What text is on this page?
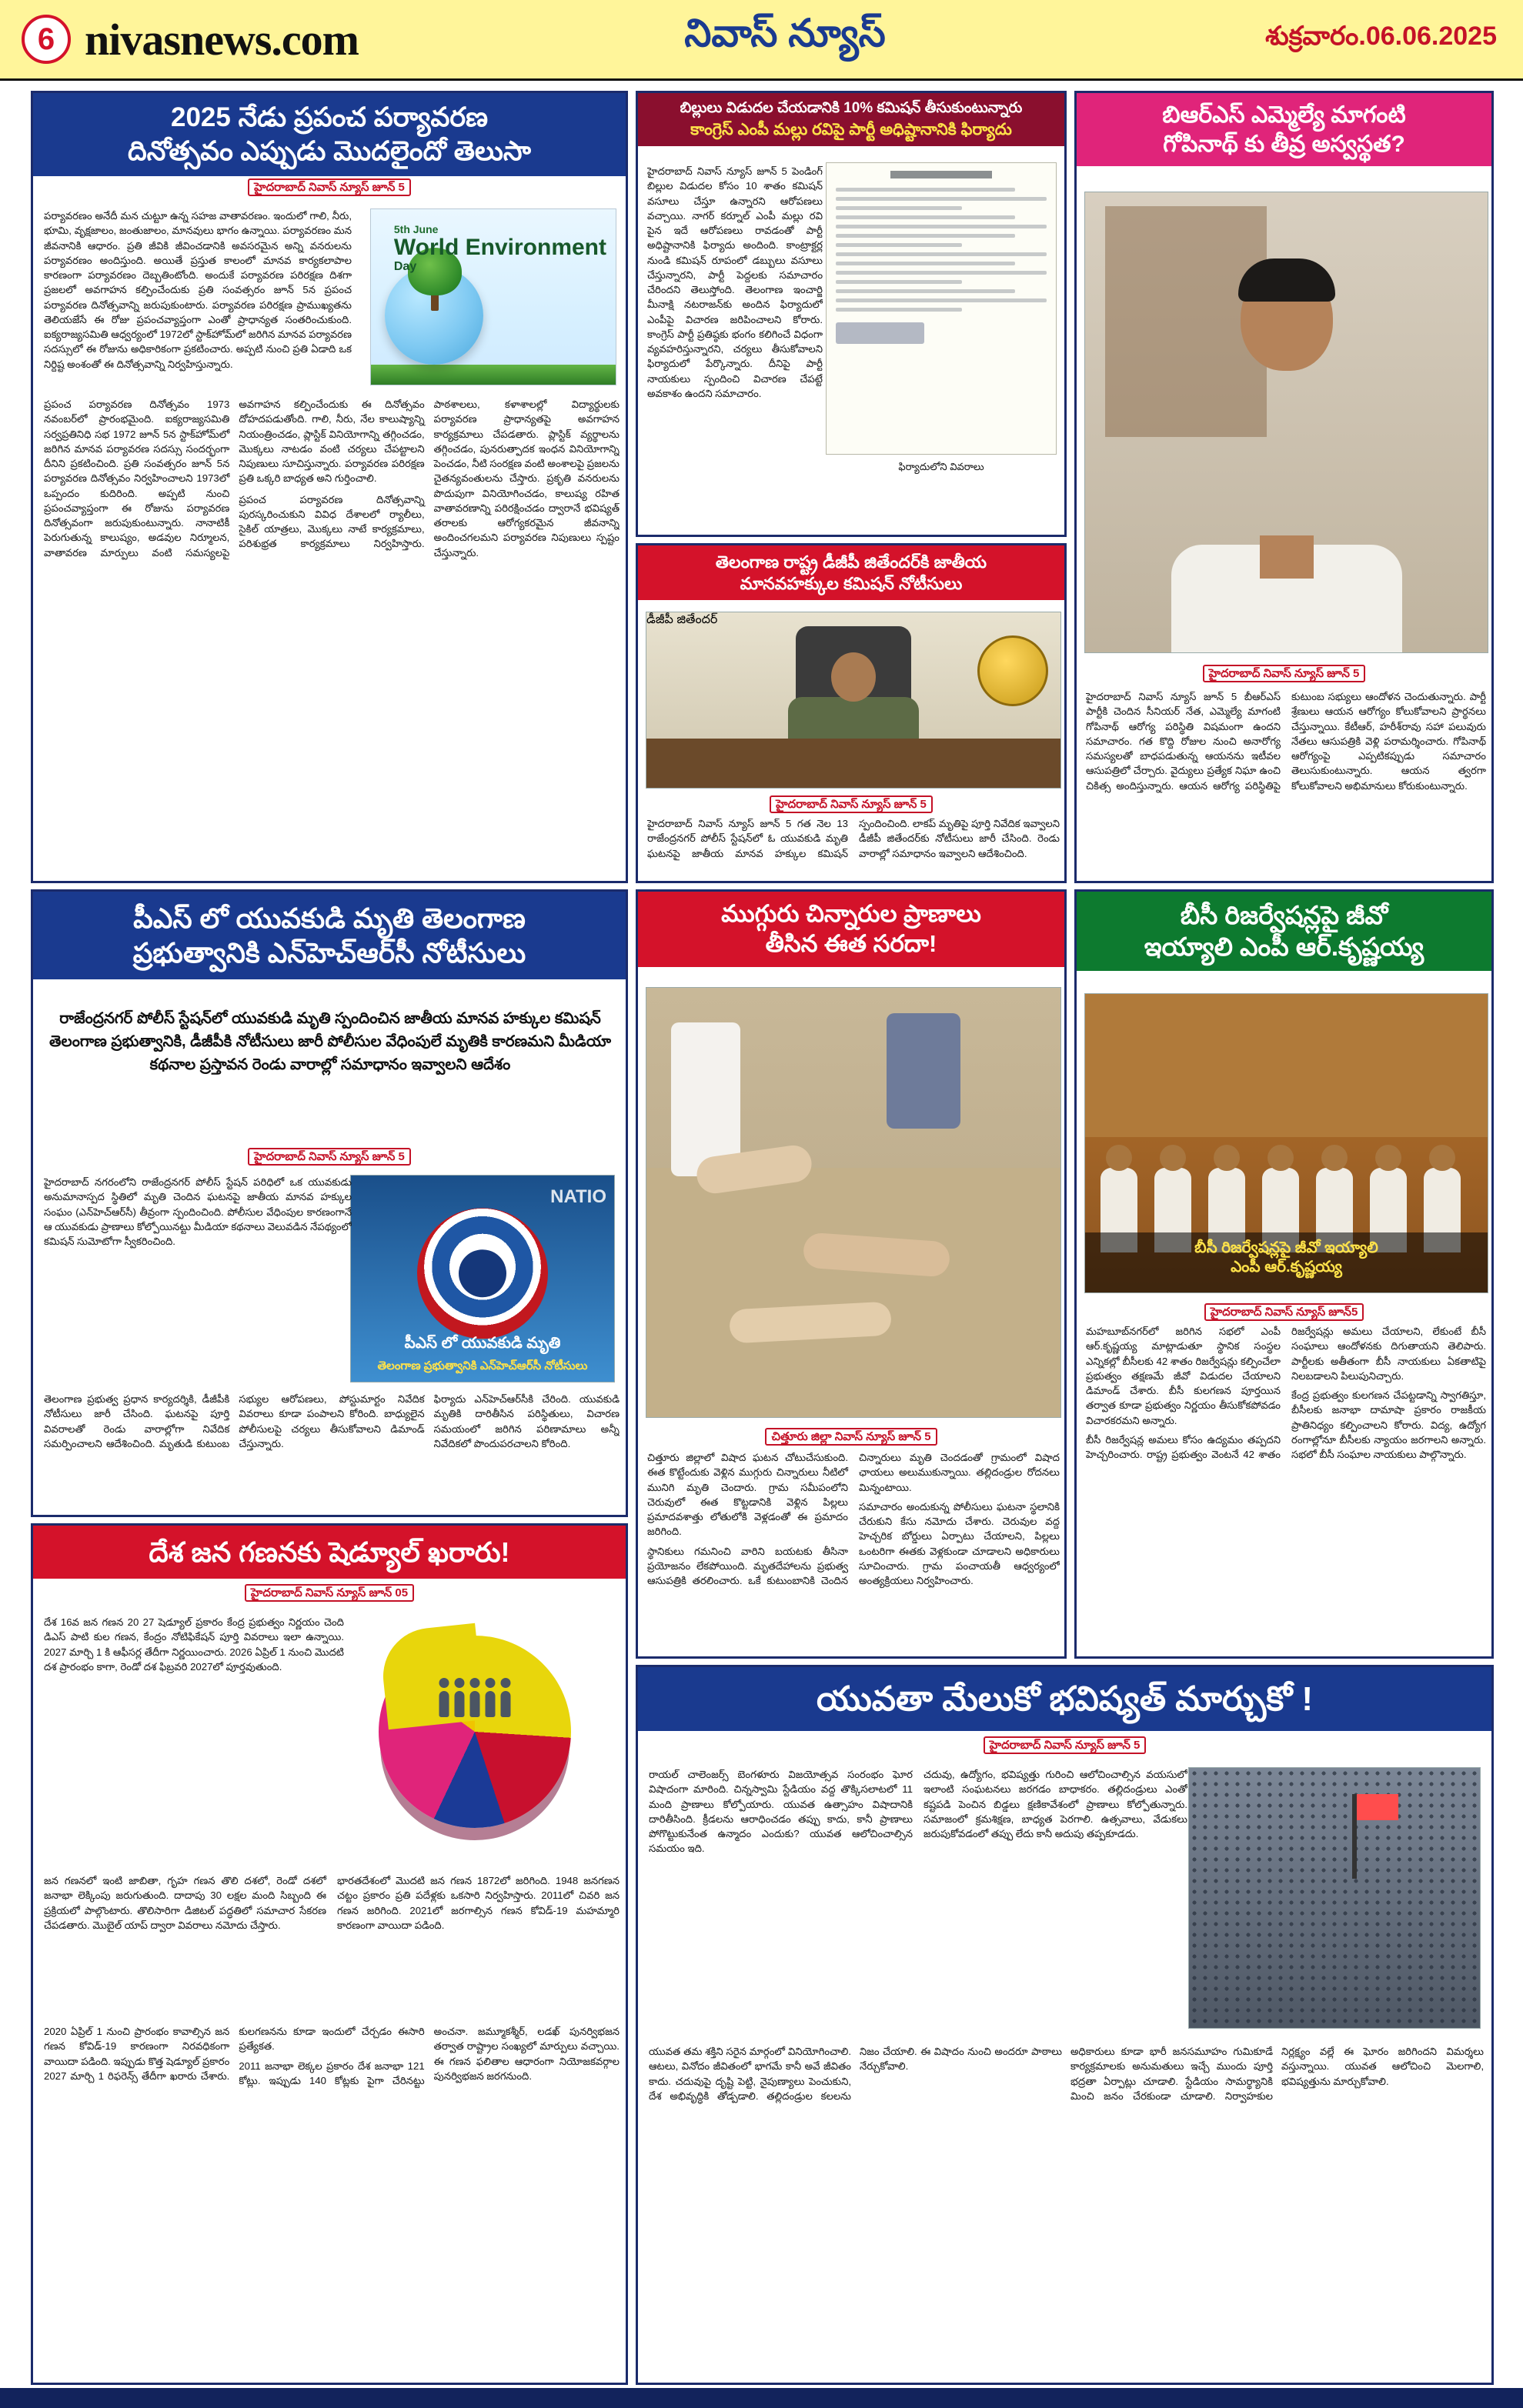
6 nivasnews.com	నివాస్ న్యూస్	శుక్రవారం.06.06.2025
2025 నేడు ప్రపంచ పర్యావరణ
దినోత్సవం ఎప్పుడు మొదలైందో తెలుసా
హైదరాబాద్ నివాస్ న్యూస్ జూన్ 5
5th June
World Environment
Day
పర్యావరణం అనేదీ మన చుట్టూ ఉన్న సహజ వాతావరణం. ఇందులో గాలి, నీరు, భూమి, వృక్షజాలం, జంతుజాలం, మానవులు భాగం ఉన్నాయి. పర్యావరణం మన జీవనానికి ఆధారం. ప్రతి జీవికి జీవించడానికి అవసరమైన అన్ని వనరులను పర్యావరణం అందిస్తుంది. అయితే ప్రస్తుత కాలంలో మానవ కార్యకలాపాల కారణంగా పర్యావరణం దెబ్బతింటోంది. అందుకే పర్యావరణ పరిరక్షణ దిశగా ప్రజలలో అవగాహన కల్పించేందుకు ప్రతి సంవత్సరం జూన్ 5న ప్రపంచ పర్యావరణ దినోత్సవాన్ని జరుపుకుంటారు. పర్యావరణ పరిరక్షణ ప్రాముఖ్యతను తెలియజేసే ఈ రోజు ప్రపంచవ్యాప్తంగా ఎంతో ప్రాధాన్యత సంతరించుకుంది. ఐక్యరాజ్యసమితి ఆధ్వర్యంలో 1972లో స్టాక్‌హోమ్‌లో జరిగిన మానవ పర్యావరణ సదస్సులో ఈ రోజును అధికారికంగా ప్రకటించారు. అప్పటి నుంచి ప్రతి ఏడాది ఒక నిర్దిష్ట అంశంతో ఈ దినోత్సవాన్ని నిర్వహిస్తున్నారు.
ప్రపంచ పర్యావరణ దినోత్సవం 1973 నవంబర్‌లో ప్రారంభమైంది. ఐక్యరాజ్యసమితి సర్వప్రతినిధి సభ 1972 జూన్ 5న స్టాక్‌హోమ్‌లో జరిగిన మానవ పర్యావరణ సదస్సు సందర్భంగా దీనిని ప్రకటించింది. ప్రతి సంవత్సరం జూన్ 5న పర్యావరణ దినోత్సవం నిర్వహించాలని 1973లో ఒప్పందం కుదిరింది. అప్పటి నుంచి ప్రపంచవ్యాప్తంగా ఈ రోజును పర్యావరణ దినోత్సవంగా జరుపుకుంటున్నారు. నానాటికీ పెరుగుతున్న కాలుష్యం, అడవుల నిర్మూలన, వాతావరణ మార్పులు వంటి సమస్యలపై అవగాహన కల్పించేందుకు ఈ దినోత్సవం దోహదపడుతోంది. గాలి, నీరు, నేల కాలుష్యాన్ని నియంత్రించడం, ప్లాస్టిక్ వినియోగాన్ని తగ్గించడం, మొక్కలు నాటడం వంటి చర్యలు చేపట్టాలని నిపుణులు సూచిస్తున్నారు. పర్యావరణ పరిరక్షణ ప్రతి ఒక్కరి బాధ్యత అని గుర్తించాలి.
ప్రపంచ పర్యావరణ దినోత్సవాన్ని పురస్కరించుకుని వివిధ దేశాలలో ర్యాలీలు, సైకిల్ యాత్రలు, మొక్కలు నాటే కార్యక్రమాలు, పరిశుభ్రత కార్యక్రమాలు నిర్వహిస్తారు. పాఠశాలలు, కళాశాలల్లో విద్యార్థులకు పర్యావరణ ప్రాధాన్యతపై అవగాహన కార్యక్రమాలు చేపడతారు. ప్లాస్టిక్ వ్యర్థాలను తగ్గించడం, పునరుత్పాదక ఇంధన వినియోగాన్ని పెంచడం, నీటి సంరక్షణ వంటి అంశాలపై ప్రజలను చైతన్యవంతులను చేస్తారు. ప్రకృతి వనరులను పొదుపుగా వినియోగించడం, కాలుష్య రహిత వాతావరణాన్ని పరిరక్షించడం ద్వారానే భవిష్యత్ తరాలకు ఆరోగ్యకరమైన జీవనాన్ని అందించగలమని పర్యావరణ నిపుణులు స్పష్టం చేస్తున్నారు.
బిల్లులు విడుదల చేయడానికి 10% కమిషన్ తీసుకుంటున్నారు
కాంగ్రెస్ ఎంపీ మల్లు రవిపై పార్టీ అధిష్టానానికి ఫిర్యాదు
హైదరాబాద్ నివాస్ న్యూస్ జూన్ 5 పెండింగ్ బిల్లుల విడుదల కోసం 10 శాతం కమిషన్ వసూలు చేస్తూ ఉన్నారని ఆరోపణలు వచ్చాయి. నాగర్ కర్నూల్ ఎంపీ మల్లు రవి పైన ఇదే ఆరోపణలు రావడంతో పార్టీ అధిష్టానానికి ఫిర్యాదు అందింది. కాంట్రాక్టర్ల నుండి కమిషన్ రూపంలో డబ్బులు వసూలు చేస్తున్నారని, పార్టీ పెద్దలకు సమాచారం చేరిందని తెలుస్తోంది. తెలంగాణ ఇంచార్జి మీనాక్షి నటరాజన్‌కు అందిన ఫిర్యాదులో ఎంపీపై విచారణ జరిపించాలని కోరారు. కాంగ్రెస్ పార్టీ ప్రతిష్ఠకు భంగం కలిగించే విధంగా వ్యవహరిస్తున్నారని, చర్యలు తీసుకోవాలని ఫిర్యాదులో పేర్కొన్నారు. దీనిపై పార్టీ నాయకులు స్పందించి విచారణ చేపట్టే అవకాశం ఉందని సమాచారం.
ఫిర్యాదులోని వివరాలు
బిఆర్ఎస్ ఎమ్మెల్యే మాగంటి
గోపినాథ్ కు తీవ్ర అస్వస్థత?
హైదరాబాద్ నివాస్ న్యూస్ జూన్ 5
హైదరాబాద్ నివాస్ న్యూస్ జూన్ 5 బీఆర్ఎస్ పార్టీకి చెందిన సీనియర్ నేత, ఎమ్మెల్యే మాగంటి గోపినాథ్ ఆరోగ్య పరిస్థితి విషమంగా ఉందని సమాచారం. గత కొద్ది రోజుల నుంచి అనారోగ్య సమస్యలతో బాధపడుతున్న ఆయనను ఇటీవల ఆసుపత్రిలో చేర్చారు. వైద్యులు ప్రత్యేక నిఘా ఉంచి చికిత్స అందిస్తున్నారు. ఆయన ఆరోగ్య పరిస్థితిపై కుటుంబ సభ్యులు ఆందోళన చెందుతున్నారు. పార్టీ శ్రేణులు ఆయన ఆరోగ్యం కోలుకోవాలని ప్రార్థనలు చేస్తున్నాయి. కేటీఆర్, హరీశ్‌రావు సహా పలువురు నేతలు ఆసుపత్రికి వెళ్లి పరామర్శించారు. గోపినాథ్ ఆరోగ్యంపై ఎప్పటికప్పుడు సమాచారం తెలుసుకుంటున్నారు. ఆయన త్వరగా కోలుకోవాలని అభిమానులు కోరుకుంటున్నారు.
తెలంగాణ రాష్ట్ర డీజీపీ జితేందర్‌కి జాతీయ
మానవహక్కుల కమిషన్ నోటీసులు
డీజీపీ జితేందర్
హైదరాబాద్ నివాస్ న్యూస్ జూన్ 5
హైదరాబాద్ నివాస్ న్యూస్ జూన్ 5 గత నెల 13 రాజేంద్రనగర్ పోలీస్ స్టేషన్‌లో ఓ యువకుడి మృతి ఘటనపై జాతీయ మానవ హక్కుల కమిషన్ స్పందించింది. లాకప్ మృతిపై పూర్తి నివేదిక ఇవ్వాలని డీజీపీ జితేందర్‌కు నోటీసులు జారీ చేసింది. రెండు వారాల్లో సమాధానం ఇవ్వాలని ఆదేశించింది.
పీఎస్ లో యువకుడి మృతి తెలంగాణ
ప్రభుత్వానికి ఎన్‌హెచ్‌ఆర్‌సీ నోటీసులు
రాజేంద్రనగర్ పోలీస్ స్టేషన్‌లో యువకుడి మృతి స్పందించిన జాతీయ మానవ హక్కుల కమిషన్ తెలంగాణ ప్రభుత్వానికి, డీజీపీకి నోటీసులు జారీ పోలీసుల వేధింపులే మృతికి కారణమని మీడియా కథనాల ప్రస్తావన రెండు వారాల్లో సమాధానం ఇవ్వాలని ఆదేశం
హైదరాబాద్ నివాస్ న్యూస్ జూన్ 5
NATIO
పీఎస్ లో యువకుడి మృతి
తెలంగాణ ప్రభుత్వానికి ఎన్‌హెచ్‌ఆర్‌సీ నోటీసులు
హైదరాబాద్ నగరంలోని రాజేంద్రనగర్ పోలీస్ స్టేషన్ పరిధిలో ఒక యువకుడు అనుమానాస్పద స్థితిలో మృతి చెందిన ఘటనపై జాతీయ మానవ హక్కుల సంఘం (ఎన్‌హెచ్‌ఆర్‌సీ) తీవ్రంగా స్పందించింది. పోలీసుల వేధింపుల కారణంగానే ఆ యువకుడు ప్రాణాలు కోల్పోయినట్టు మీడియా కథనాలు వెలువడిన నేపథ్యంలో కమిషన్ సుమోటోగా స్వీకరించింది.
తెలంగాణ ప్రభుత్వ ప్రధాన కార్యదర్శికి, డీజీపీకి నోటీసులు జారీ చేసింది. ఘటనపై పూర్తి వివరాలతో రెండు వారాల్లోగా నివేదిక సమర్పించాలని ఆదేశించింది. మృతుడి కుటుంబ సభ్యుల ఆరోపణలు, పోస్టుమార్టం నివేదిక వివరాలు కూడా పంపాలని కోరింది. బాధ్యులైన పోలీసులపై చర్యలు తీసుకోవాలని డిమాండ్ చేస్తున్నారు.
ఫిర్యాదు ఎన్‌హెచ్‌ఆర్‌సీకి చేరింది. యువకుడి మృతికి దారితీసిన పరిస్థితులు, విచారణ సమయంలో జరిగిన పరిణామాలు అన్నీ నివేదికలో పొందుపరచాలని కోరింది.
ముగ్గురు చిన్నారుల ప్రాణాలు
తీసిన ఈత సరదా!
చిత్తూరు జిల్లా నివాస్ న్యూస్ జూన్ 5
చిత్తూరు జిల్లాలో విషాద ఘటన చోటుచేసుకుంది. ఈత కొట్టేందుకు వెళ్లిన ముగ్గురు చిన్నారులు నీటిలో మునిగి మృతి చెందారు. గ్రామ సమీపంలోని చెరువులో ఈత కొట్టడానికి వెళ్లిన పిల్లలు ప్రమాదవశాత్తు లోతులోకి వెళ్లడంతో ఈ ప్రమాదం జరిగింది.
స్థానికులు గమనించి వారిని బయటకు తీసినా ప్రయోజనం లేకపోయింది. మృతదేహాలను ప్రభుత్వ ఆసుపత్రికి తరలించారు. ఒకే కుటుంబానికి చెందిన చిన్నారులు మృతి చెందడంతో గ్రామంలో విషాద ఛాయలు అలుముకున్నాయి. తల్లిదండ్రుల రోదనలు మిన్నంటాయి.
సమాచారం అందుకున్న పోలీసులు ఘటనా స్థలానికి చేరుకుని కేసు నమోదు చేశారు. చెరువుల వద్ద హెచ్చరిక బోర్డులు ఏర్పాటు చేయాలని, పిల్లలు ఒంటరిగా ఈతకు వెళ్లకుండా చూడాలని అధికారులు సూచించారు. గ్రామ పంచాయతీ ఆధ్వర్యంలో అంత్యక్రియలు నిర్వహించారు.
బీసీ రిజర్వేషన్లపై జీవో
ఇయ్యాలి ఎంపీ ఆర్.కృష్ణయ్య
బీసీ రిజర్వేషన్లపై జీవో ఇయ్యాలి
ఎంపీ ఆర్.కృష్ణయ్య
హైదరాబాద్ నివాస్ న్యూస్ జూన్5
మహబూబ్‌నగర్‌లో జరిగిన సభలో ఎంపీ ఆర్.కృష్ణయ్య మాట్లాడుతూ స్థానిక సంస్థల ఎన్నికల్లో బీసీలకు 42 శాతం రిజర్వేషన్లు కల్పించేలా ప్రభుత్వం తక్షణమే జీవో విడుదల చేయాలని డిమాండ్ చేశారు. బీసీ కులగణన పూర్తయిన తర్వాత కూడా ప్రభుత్వం నిర్ణయం తీసుకోకపోవడం విచారకరమని అన్నారు.
బీసీ రిజర్వేషన్ల అమలు కోసం ఉద్యమం తప్పదని హెచ్చరించారు. రాష్ట్ర ప్రభుత్వం వెంటనే 42 శాతం రిజర్వేషన్లు అమలు చేయాలని, లేకుంటే బీసీ సంఘాలు ఆందోళనకు దిగుతాయని తెలిపారు. పార్టీలకు అతీతంగా బీసీ నాయకులు ఏకతాటిపై నిలబడాలని పిలుపునిచ్చారు.
కేంద్ర ప్రభుత్వం కులగణన చేపట్టడాన్ని స్వాగతిస్తూ, బీసీలకు జనాభా దామాషా ప్రకారం రాజకీయ ప్రాతినిధ్యం కల్పించాలని కోరారు. విద్య, ఉద్యోగ రంగాల్లోనూ బీసీలకు న్యాయం జరగాలని అన్నారు. సభలో బీసీ సంఘాల నాయకులు పాల్గొన్నారు.
దేశ జన గణనకు షెడ్యూల్ ఖరారు!
హైదరాబాద్ నివాస్ న్యూస్ జూన్ 05
దేశ 16వ జన గణన 20 27 షెడ్యూల్ ప్రకారం కేంద్ర ప్రభుత్వం నిర్ణయం చెంది డిఎస్ పాటి కుల గణన, కేంద్రం నోటిఫికేషన్ పూర్తి వివరాలు ఇలా ఉన్నాయి. 2027 మార్చి 1 కి ఆఫీసర్ల తేదీగా నిర్ణయించారు. 2026 ఏప్రిల్ 1 నుంచి మొదటి దశ ప్రారంభం కాగా, రెండో దశ ఫిబ్రవరి 2027లో పూర్తవుతుంది.
జన గణనలో ఇంటి జాబితా, గృహ గణన తొలి దశలో, రెండో దశలో జనాభా లెక్కింపు జరుగుతుంది. దాదాపు 30 లక్షల మంది సిబ్బంది ఈ ప్రక్రియలో పాల్గొంటారు. తొలిసారిగా డిజిటల్ పద్ధతిలో సమాచార సేకరణ చేపడతారు. మొబైల్ యాప్ ద్వారా వివరాలు నమోదు చేస్తారు.
భారతదేశంలో మొదటి జన గణన 1872లో జరిగింది. 1948 జనగణన చట్టం ప్రకారం ప్రతి పదేళ్లకు ఒకసారి నిర్వహిస్తారు. 2011లో చివరి జన గణన జరిగింది. 2021లో జరగాల్సిన గణన కోవిడ్-19 మహమ్మారి కారణంగా వాయిదా పడింది.
2020 ఏప్రిల్ 1 నుంచి ప్రారంభం కావాల్సిన జన గణన కోవిడ్-19 కారణంగా నిరవధికంగా వాయిదా పడింది. ఇప్పుడు కొత్త షెడ్యూల్ ప్రకారం 2027 మార్చి 1 రిఫరెన్స్ తేదీగా ఖరారు చేశారు. కులగణనను కూడా ఇందులో చేర్చడం ఈసారి ప్రత్యేకత.
2011 జనాభా లెక్కల ప్రకారం దేశ జనాభా 121 కోట్లు. ఇప్పుడు 140 కోట్లకు పైగా చేరినట్టు అంచనా. జమ్మూకశ్మీర్, లడఖ్ పునర్విభజన తర్వాత రాష్ట్రాల సంఖ్యలో మార్పులు వచ్చాయి. ఈ గణన ఫలితాల ఆధారంగా నియోజకవర్గాల పునర్విభజన జరగనుంది.
యువతా మేలుకో భవిష్యత్ మార్చుకో !
హైదరాబాద్ నివాస్ న్యూస్ జూన్ 5
రాయల్ చాలెంజర్స్ బెంగళూరు విజయోత్సవ సంరంభం ఘోర విషాదంగా మారింది. చిన్నస్వామి స్టేడియం వద్ద తొక్కిసలాటలో 11 మంది ప్రాణాలు కోల్పోయారు. యువత ఉత్సాహం విషాదానికి దారితీసింది. క్రీడలను ఆరాధించడం తప్పు కాదు, కానీ ప్రాణాలు పోగొట్టుకునేంత ఉన్మాదం ఎందుకు? యువత ఆలోచించాల్సిన సమయం ఇది.
చదువు, ఉద్యోగం, భవిష్యత్తు గురించి ఆలోచించాల్సిన వయసులో ఇలాంటి సంఘటనలు జరగడం బాధాకరం. తల్లిదండ్రులు ఎంతో కష్టపడి పెంచిన బిడ్డలు క్షణికావేశంలో ప్రాణాలు కోల్పోతున్నారు. సమాజంలో క్రమశిక్షణ, బాధ్యత పెరగాలి. ఉత్సవాలు, వేడుకలు జరుపుకోవడంలో తప్పు లేదు కానీ అదుపు తప్పకూడదు.
యువత తమ శక్తిని సరైన మార్గంలో వినియోగించాలి. ఆటలు, వినోదం జీవితంలో భాగమే కానీ అవే జీవితం కాదు. చదువుపై దృష్టి పెట్టి, నైపుణ్యాలు పెంచుకుని, దేశ అభివృద్ధికి తోడ్పడాలి. తల్లిదండ్రుల కలలను నిజం చేయాలి. ఈ విషాదం నుంచి అందరూ పాఠాలు నేర్చుకోవాలి.
అధికారులు కూడా భారీ జనసమూహం గుమికూడే కార్యక్రమాలకు అనుమతులు ఇచ్చే ముందు పూర్తి భద్రతా ఏర్పాట్లు చూడాలి. స్టేడియం సామర్థ్యానికి మించి జనం చేరకుండా చూడాలి. నిర్వాహకుల నిర్లక్ష్యం వల్లే ఈ ఘోరం జరిగిందని విమర్శలు వస్తున్నాయి. యువత ఆలోచించి మెలగాలి, భవిష్యత్తును మార్చుకోవాలి.
